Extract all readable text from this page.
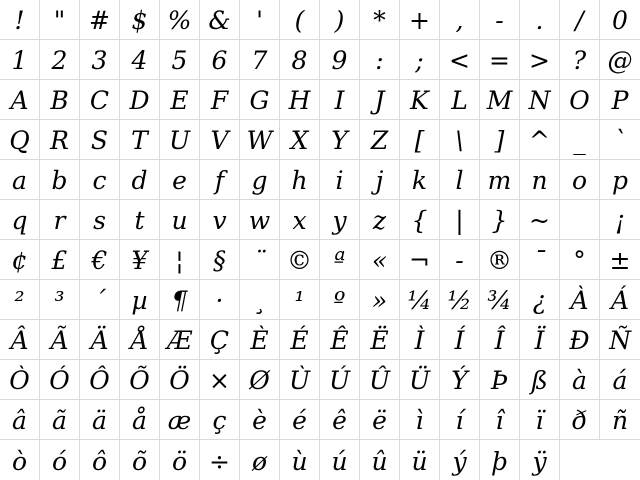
!	" # $ % &	'	(	)	* +	,	-	.	/	0
1 2 3 4 5 6 7 8 9	:	;	< = > ? @
A B C D E F G H I	J	K L M N O P
Q R S T U V W X Y Z	[	\	] ^ _	`
a b c d e	f	g h	i	j	k	l m n o p
q	r	s	t	u v w x	y	z	{	|	} ~	¡
¢ £ € ¥	¦	§	¨ © ª	« ¬	- ® ¯	° ±
²	³	´	µ ¶	·	¸	¹	º	» ¼ ½ ¾ ¿ À Á
Â Ã Ä Å Æ Ç È É Ê Ë	Ì	Í	Î	Ï Ð Ñ
Ò Ó Ô Õ Ö × Ø Ù Ú Û Ü Ý Þ ß à	á
â	ã	ä	å æ ç	è	é	ê	ë	ì	í	î	ï	ð ñ
ò ó ô õ ö ÷ ø ù ú û ü ý þ ÿ
